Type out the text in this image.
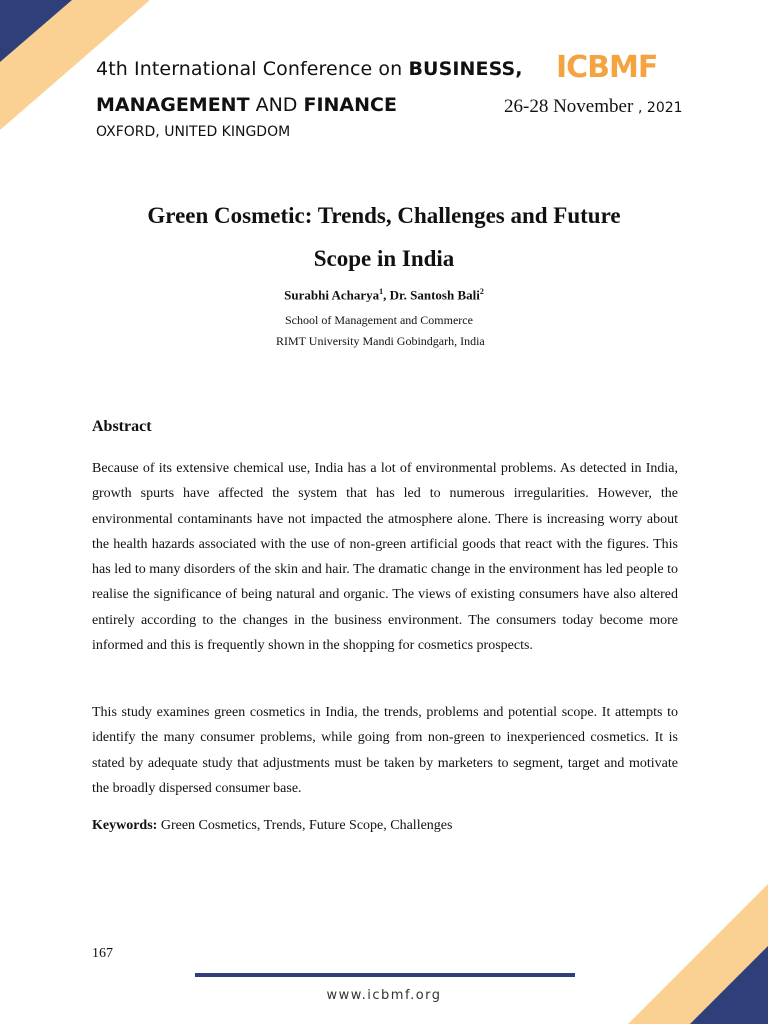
4th International Conference on BUSINESS,
MANAGEMENT AND FINANCE
OXFORD, UNITED KINGDOM
ICBMF
26-28 November , 2021
Green Cosmetic: Trends, Challenges and Future
Scope in India
Surabhi Acharya$^1$, Dr. Santosh Bali$^2$
School of Management and Commerce
RIMT University Mandi Gobindgarh, India
Abstract

Because of its extensive chemical use, India has a lot of environmental problems. As detected in India, growth spurts have affected the system that has led to numerous irregularities. However, the environmental contaminants have not impacted the atmosphere alone. There is increasing worry about the health hazards associated with the use of non-green artificial goods that react with the figures. This has led to many disorders of the skin and hair. The dramatic change in the environment has led people to realise the significance of being natural and organic. The views of existing consumers have also altered entirely according to the changes in the business environment. The consumers today become more informed and this is frequently shown in the shopping for cosmetics prospects.

This study examines green cosmetics in India, the trends, problems and potential scope. It attempts to identify the many consumer problems, while going from non-green to inexperienced cosmetics. It is stated by adequate study that adjustments must be taken by marketers to segment, target and motivate the broadly dispersed consumer base.

Keywords: Green Cosmetics, Trends, Future Scope, Challenges
167
www.icbmf.org
